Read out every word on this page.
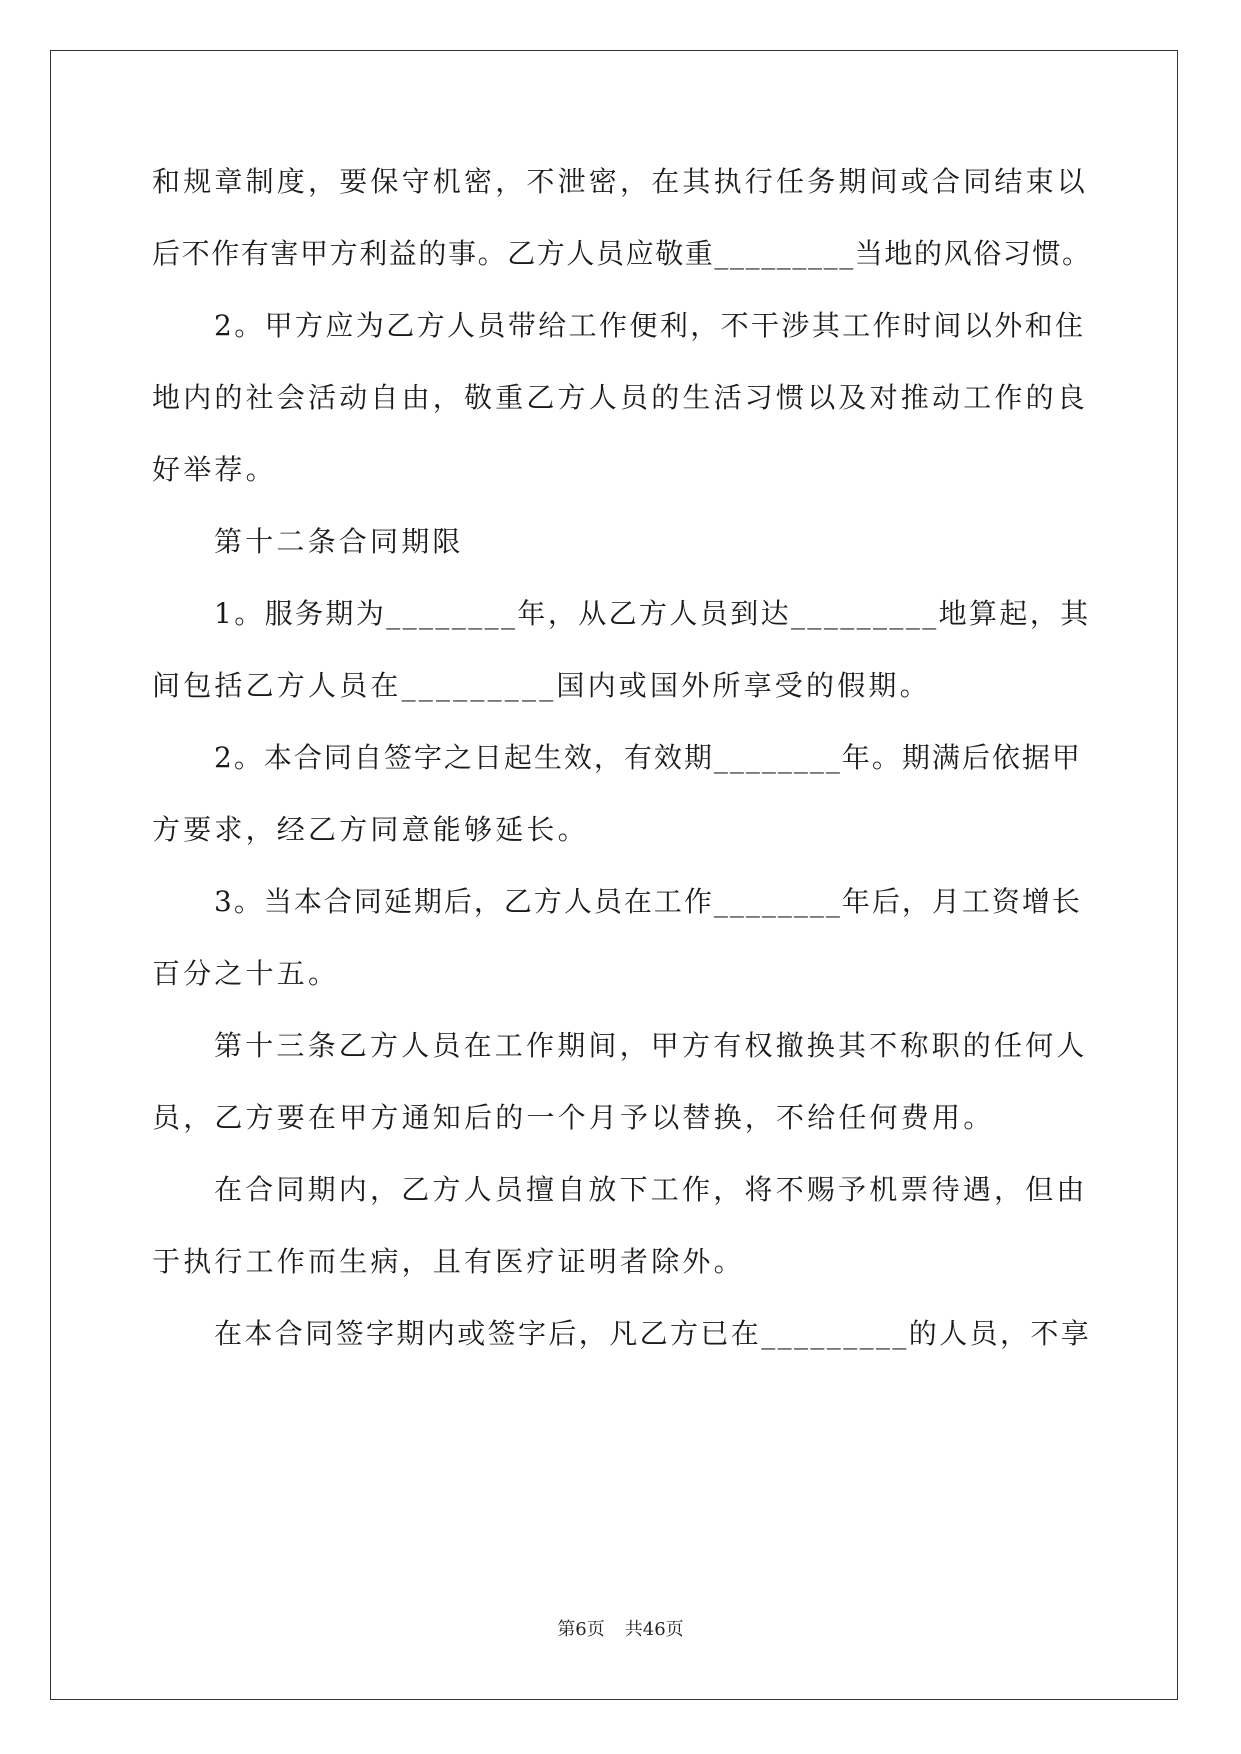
和规章制度，要保守机密，不泄密，在其执行任务期间或合同结束以
后不作有害甲方利益的事。乙方人员应敬重_________当地的风俗习惯。
2。甲方应为乙方人员带给工作便利，不干涉其工作时间以外和住
地内的社会活动自由，敬重乙方人员的生活习惯以及对推动工作的良
好举荐。
第十二条合同期限
1。服务期为________年，从乙方人员到达_________地算起，其
间包括乙方人员在_________国内或国外所享受的假期。
2。本合同自签字之日起生效，有效期________年。期满后依据甲
方要求，经乙方同意能够延长。
3。当本合同延期后，乙方人员在工作________年后，月工资增长
百分之十五。
第十三条乙方人员在工作期间，甲方有权撤换其不称职的任何人
员，乙方要在甲方通知后的一个月予以替换，不给任何费用。
在合同期内，乙方人员擅自放下工作，将不赐予机票待遇，但由
于执行工作而生病，且有医疗证明者除外。
在本合同签字期内或签字后，凡乙方已在_________的人员，不享
第6页 共46页
